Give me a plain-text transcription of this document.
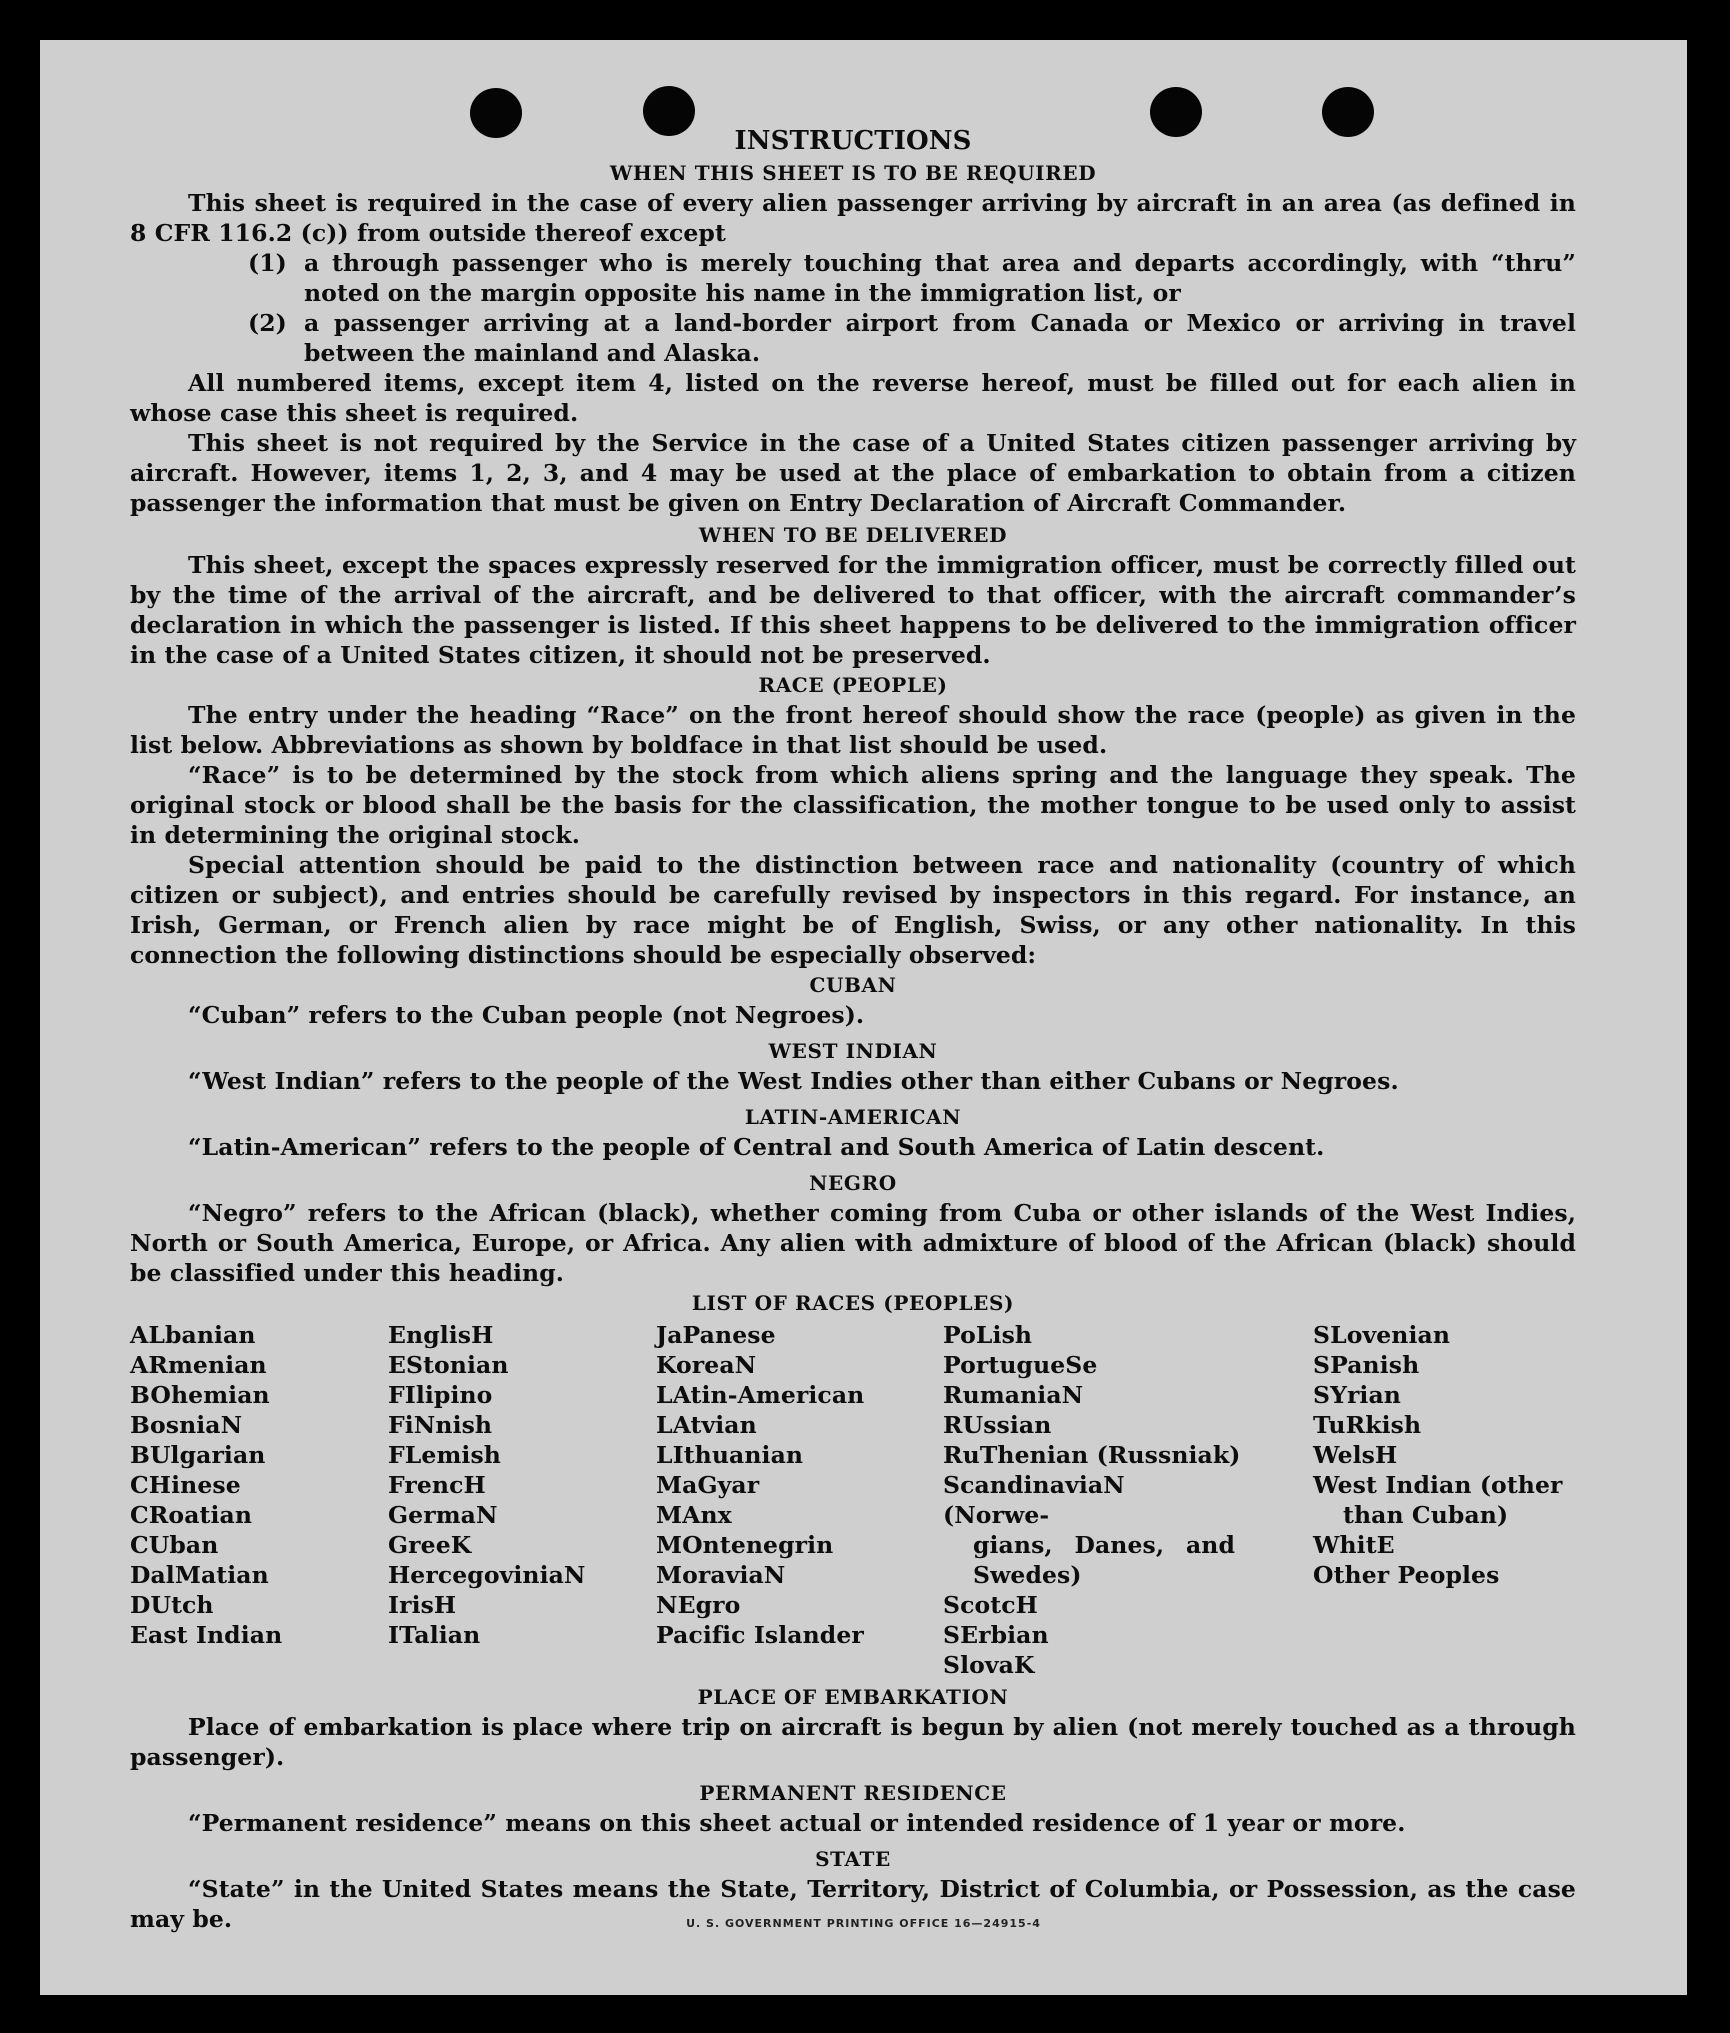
INSTRUCTIONS
WHEN THIS SHEET IS TO BE REQUIRED
This sheet is required in the case of every alien passenger arriving by aircraft in an area (as defined in 8 CFR 116.2 (c)) from outside thereof except
(1) a through passenger who is merely touching that area and departs accordingly, with “thru” noted on the margin opposite his name in the immigration list, or
(2) a passenger arriving at a land-border airport from Canada or Mexico or arriving in travel between the mainland and Alaska.
All numbered items, except item 4, listed on the reverse hereof, must be filled out for each alien in whose case this sheet is required.
This sheet is not required by the Service in the case of a United States citizen passenger arriving by aircraft. However, items 1, 2, 3, and 4 may be used at the place of embarkation to obtain from a citizen passenger the information that must be given on Entry Declaration of Aircraft Commander.
WHEN TO BE DELIVERED
This sheet, except the spaces expressly reserved for the immigration officer, must be correctly filled out by the time of the arrival of the aircraft, and be delivered to that officer, with the aircraft commander’s declaration in which the passenger is listed. If this sheet happens to be delivered to the immigration officer in the case of a United States citizen, it should not be preserved.
RACE (PEOPLE)
The entry under the heading “Race” on the front hereof should show the race (people) as given in the list below. Abbreviations as shown by boldface in that list should be used.
“Race” is to be determined by the stock from which aliens spring and the language they speak. The original stock or blood shall be the basis for the classification, the mother tongue to be used only to assist in determining the original stock.
Special attention should be paid to the distinction between race and nationality (country of which citizen or subject), and entries should be carefully revised by inspectors in this regard. For instance, an Irish, German, or French alien by race might be of English, Swiss, or any other nationality. In this connection the following distinctions should be especially observed:
CUBAN
“Cuban” refers to the Cuban people (not Negroes).
WEST INDIAN
“West Indian” refers to the people of the West Indies other than either Cubans or Negroes.
LATIN-AMERICAN
“Latin-American” refers to the people of Central and South America of Latin descent.
NEGRO
“Negro” refers to the African (black), whether coming from Cuba or other islands of the West Indies, North or South America, Europe, or Africa. Any alien with admixture of blood of the African (black) should be classified under this heading.
LIST OF RACES (PEOPLES)
ALbanian
ARmenian
BOhemian
BosniaN
BUlgarian
CHinese
CRoatian
CUban
DalMatian
DUtch
East Indian
EnglisH
EStonian
FIlipino
FiNnish
FLemish
FrencH
GermaN
GreeK
HercegoviniaN
IrisH
ITalian
JaPanese
KoreaN
LAtin-American
LAtvian
LIthuanian
MaGyar
MAnx
MOntenegrin
MoraviaN
NEgro
Pacific Islander
PoLish
PortugueSe
RumaniaN
RUssian
RuThenian (Russniak)
ScandinaviaN (Norwe-
gians, Danes, and Swedes)
ScotcH
SErbian
SlovaK
SLovenian
SPanish
SYrian
TuRkish
WelsH
West Indian (other
than Cuban)
WhitE
Other Peoples
PLACE OF EMBARKATION
Place of embarkation is place where trip on aircraft is begun by alien (not merely touched as a through passenger).
PERMANENT RESIDENCE
“Permanent residence” means on this sheet actual or intended residence of 1 year or more.
STATE
“State” in the United States means the State, Territory, District of Columbia, or Possession, as the case may be.	U. S. GOVERNMENT PRINTING OFFICE 16—24915-4
